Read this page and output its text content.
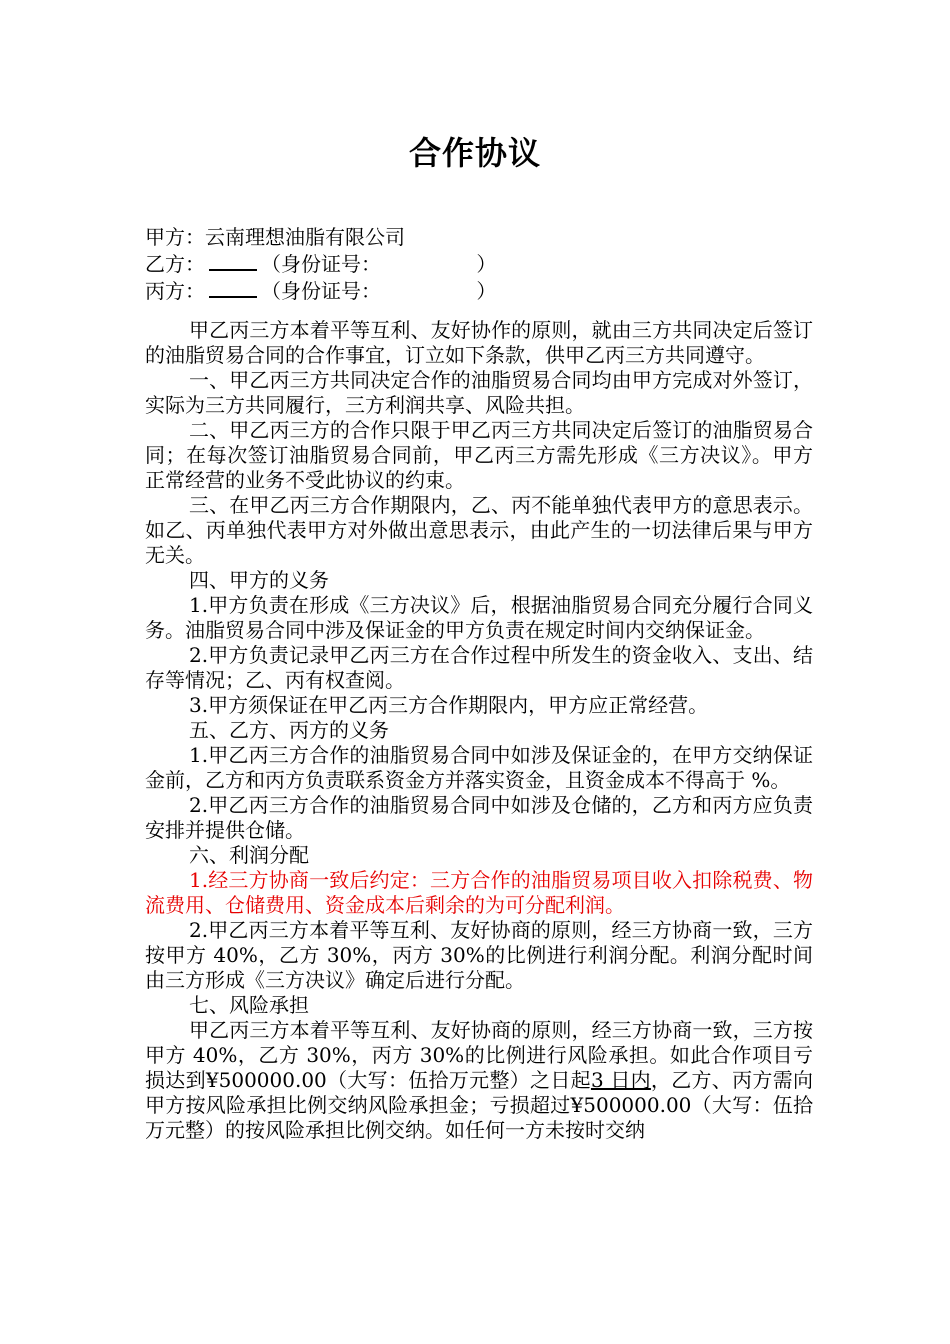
合作协议
甲方：云南理想油脂有限公司
乙方：	（身份证号：               ）
丙方：	（身份证号：               ）

甲乙丙三方本着平等互利、友好协作的原则，就由三方共同决定后签订的油脂贸易合同的合作事宜，订立如下条款，供甲乙丙三方共同遵守。

一、甲乙丙三方共同决定合作的油脂贸易合同均由甲方完成对外签订，实际为三方共同履行，三方利润共享、风险共担。

二、甲乙丙三方的合作只限于甲乙丙三方共同决定后签订的油脂贸易合同；在每次签订油脂贸易合同前，甲乙丙三方需先形成《三方决议》。甲方正常经营的业务不受此协议的约束。

三、在甲乙丙三方合作期限内，乙、丙不能单独代表甲方的意思表示。如乙、丙单独代表甲方对外做出意思表示，由此产生的一切法律后果与甲方无关。

四、甲方的义务

1.甲方负责在形成《三方决议》后，根据油脂贸易合同充分履行合同义务。油脂贸易合同中涉及保证金的甲方负责在规定时间内交纳保证金。

2.甲方负责记录甲乙丙三方在合作过程中所发生的资金收入、支出、结存等情况；乙、丙有权查阅。

3.甲方须保证在甲乙丙三方合作期限内，甲方应正常经营。

五、乙方、丙方的义务

1.甲乙丙三方合作的油脂贸易合同中如涉及保证金的，在甲方交纳保证金前，乙方和丙方负责联系资金方并落实资金，且资金成本不得高于 %。

2.甲乙丙三方合作的油脂贸易合同中如涉及仓储的，乙方和丙方应负责安排并提供仓储。

六、利润分配

1.经三方协商一致后约定：三方合作的油脂贸易项目收入扣除税费、物流费用、仓储费用、资金成本后剩余的为可分配利润。

2.甲乙丙三方本着平等互利、友好协商的原则，经三方协商一致，三方按甲方 40%，乙方 30%，丙方 30%的比例进行利润分配。利润分配时间由三方形成《三方决议》确定后进行分配。

七、风险承担

甲乙丙三方本着平等互利、友好协商的原则，经三方协商一致，三方按甲方 40%，乙方 30%，丙方 30%的比例进行风险承担。如此合作项目亏损达到¥500000.00（大写：伍拾万元整）之日起3 日内，乙方、丙方需向甲方按风险承担比例交纳风险承担金；亏损超过¥500000.00（大写：伍拾万元整）的按风险承担比例交纳。如任何一方未按时交纳
